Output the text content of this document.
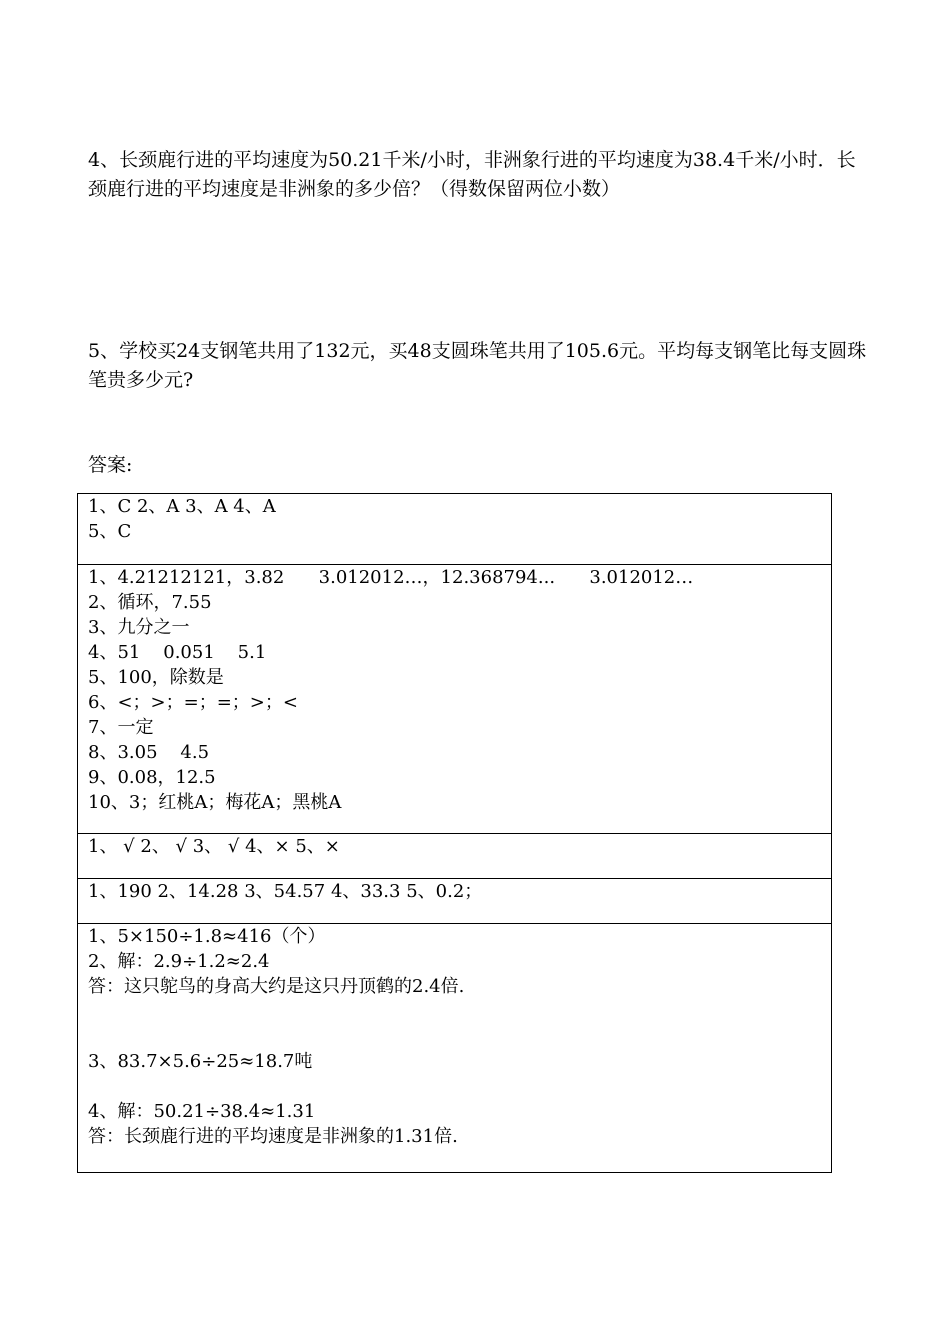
4、长颈鹿行进的平均速度为50.21千米/小时，非洲象行进的平均速度为38.4千米/小时．长颈鹿行进的平均速度是非洲象的多少倍？（得数保留两位小数）
5、学校买24支钢笔共用了132元，买48支圆珠笔共用了105.6元。平均每支钢笔比每支圆珠笔贵多少元?
答案:
1、C 2、A 3、A 4、A
5、C

1、4.21212121，3.82      3.012012…，12.368794...      3.012012…
2、循环，7.55
3、九分之一
4、51    0.051    5.1
5、100，除数是
6、<；>；=；=；>；<
7、一定
8、3.05    4.5
9、0.08，12.5
10、3；红桃A；梅花A；黑桃A

1、 √ 2、 √ 3、 √ 4、× 5、×

1、190 2、14.28 3、54.57 4、33.3 5、0.2；

1、5×150÷1.8≈416（个）
2、解：2.9÷1.2≈2.4
答：这只鸵鸟的身高大约是这只丹顶鹤的2.4倍.
3、83.7×5.6÷25≈18.7吨
4、解：50.21÷38.4≈1.31
答：长颈鹿行进的平均速度是非洲象的1.31倍.
